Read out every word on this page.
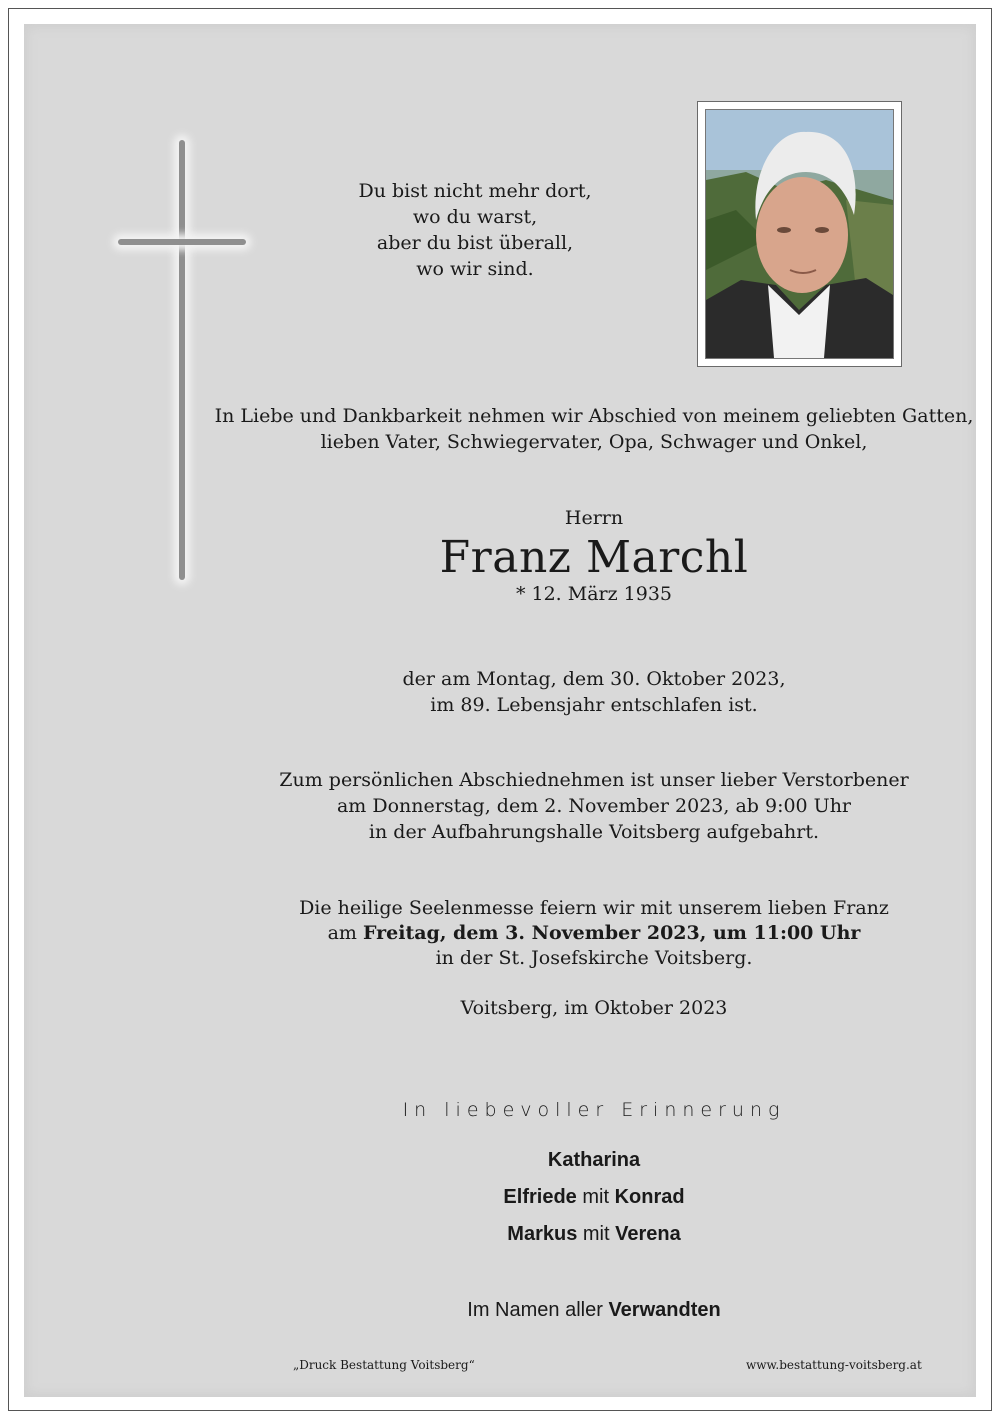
Du bist nicht mehr dort,

wo du warst,

aber du bist überall,

wo wir sind.

In Liebe und Dankbarkeit nehmen wir Abschied von meinem geliebten Gatten,

lieben Vater, Schwiegervater, Opa, Schwager und Onkel,

Herrn

Franz Marchl

* 12. März 1935

der am Montag, dem 30. Oktober 2023,

im 89. Lebensjahr entschlafen ist.

Zum persönlichen Abschiednehmen ist unser lieber Verstorbener

am Donnerstag, dem 2. November 2023, ab 9:00 Uhr

in der Aufbahrungshalle Voitsberg aufgebahrt.

Die heilige Seelenmesse feiern wir mit unserem lieben Franz

am Freitag, dem 3. November 2023, um 11:00 Uhr

in der St. Josefskirche Voitsberg.

Voitsberg, im Oktober 2023

In liebevoller Erinnerung

Katharina

Elfriede mit Konrad

Markus mit Verena

Im Namen aller Verwandten

„Druck Bestattung Voitsberg“	www.bestattung-voitsberg.at
